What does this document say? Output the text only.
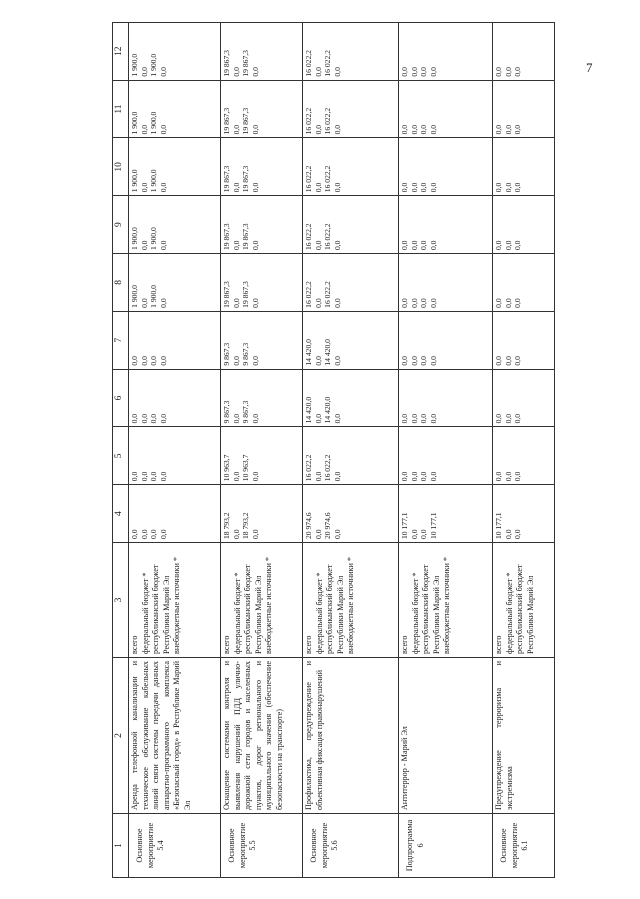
7
1	2	3	4	5	6	7	8	9	10	11	12
Основное мероприятие 5.4	Аренда телефонной канализации и техническое обслуживание кабельных линий связи системы передачи данных аппаратно-программного комплекса «Безопасный город» в Республике Марий Эл	всего федеральный бюджет * республиканский бюджет Республики Марий Эл внебюджетные источники *	0,0 0,0 0,0 0,0	0,0 0,0 0,0 0,0	0,0 0,0 0,0 0,0	0,0 0,0 0,0 0,0	1 900,0 0,0 1 900,0 0,0	1 900,0 0,0 1 900,0 0,0	1 900,0 0,0 1 900,0 0,0	1 900,0 0,0 1 900,0 0,0	1 900,0 0,0 1 900,0 0,0

Основное мероприятие 5.5	Оснащение системами контроля и выявления нарушений ПДД улично-дорожной сети городов и населенных пунктов, дорог регионального и муниципального значения (обеспечение безопасности на транспорте)	всего федеральный бюджет * республиканский бюджет Республики Марий Эл внебюджетные источники *	18 793,2 0,0 18 793,2 0,0	10 963,7 0,0 10 963,7 0,0	9 867,3 0,0 9 867,3 0,0	9 867,3 0,0 9 867,3 0,0	19 867,3 0,0 19 867,3 0,0	19 867,3 0,0 19 867,3 0,0	19 867,3 0,0 19 867,3 0,0	19 867,3 0,0 19 867,3 0,0	19 867,3 0,0 19 867,3 0,0

Основное мероприятие 5.6	Профилактика, предупреждение и объективная фиксация правонарушений	всего федеральный бюджет * республиканский бюджет Республики Марий Эл внебюджетные источники *	20 974,6 0,0 20 974,6 0,0	16 022,2 0,0 16 022,2 0,0	14 420,0 0,0 14 420,0 0,0	14 420,0 0,0 14 420,0 0,0	16 022,2 0,0 16 022,2 0,0	16 022,2 0,0 16 022,2 0,0	16 022,2 0,0 16 022,2 0,0	16 022,2 0,0 16 022,2 0,0	16 022,2 0,0 16 022,2 0,0

Подпрограмма 6	Антитеррор - Марий Эл	всего федеральный бюджет * республиканский бюджет Республики Марий Эл внебюджетные источники *	10 177,1 0,0 0,0 10 177,1	0,0 0,0 0,0 0,0	0,0 0,0 0,0 0,0	0,0 0,0 0,0 0,0	0,0 0,0 0,0 0,0	0,0 0,0 0,0 0,0	0,0 0,0 0,0 0,0	0,0 0,0 0,0 0,0	0,0 0,0 0,0 0,0

Основное мероприятие 6.1	Предупреждение терроризма и экстремизма	всего федеральный бюджет * республиканский бюджет Республики Марий Эл	10 177,1 0,0 0,0	0,0 0,0 0,0	0,0 0,0 0,0	0,0 0,0 0,0	0,0 0,0 0,0	0,0 0,0 0,0	0,0 0,0 0,0	0,0 0,0 0,0	0,0 0,0 0,0
